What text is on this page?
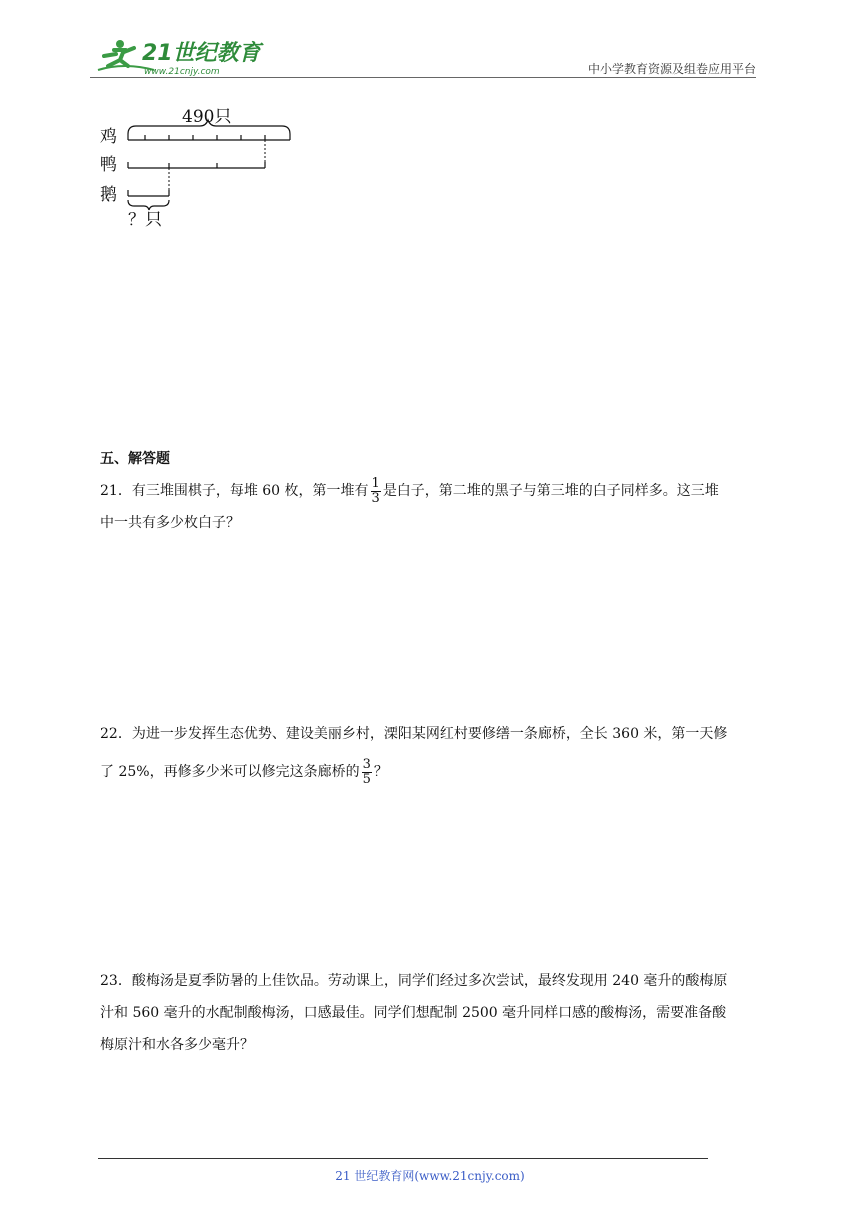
21世纪教育
www.21cnjy.com	中小学教育资源及组卷应用平台
490只
鸡
鸭
鹅
？只
五、解答题
21．有三堆围棋子，每堆 60 枚，第一堆有 $\frac{1}{3}$ 是白子，第二堆的黑子与第三堆的白子同样多。这三堆
中一共有多少枚白子？
22．为进一步发挥生态优势、建设美丽乡村，溧阳某网红村要修缮一条廊桥，全长 360 米，第一天修
了 25%，再修多少米可以修完这条廊桥的 $\frac{3}{5}$ ？
23．酸梅汤是夏季防暑的上佳饮品。劳动课上，同学们经过多次尝试，最终发现用 240 毫升的酸梅原
汁和 560 毫升的水配制酸梅汤，口感最佳。同学们想配制 2500 毫升同样口感的酸梅汤，需要准备酸
梅原汁和水各多少毫升？
21 世纪教育网(www.21cnjy.com)
